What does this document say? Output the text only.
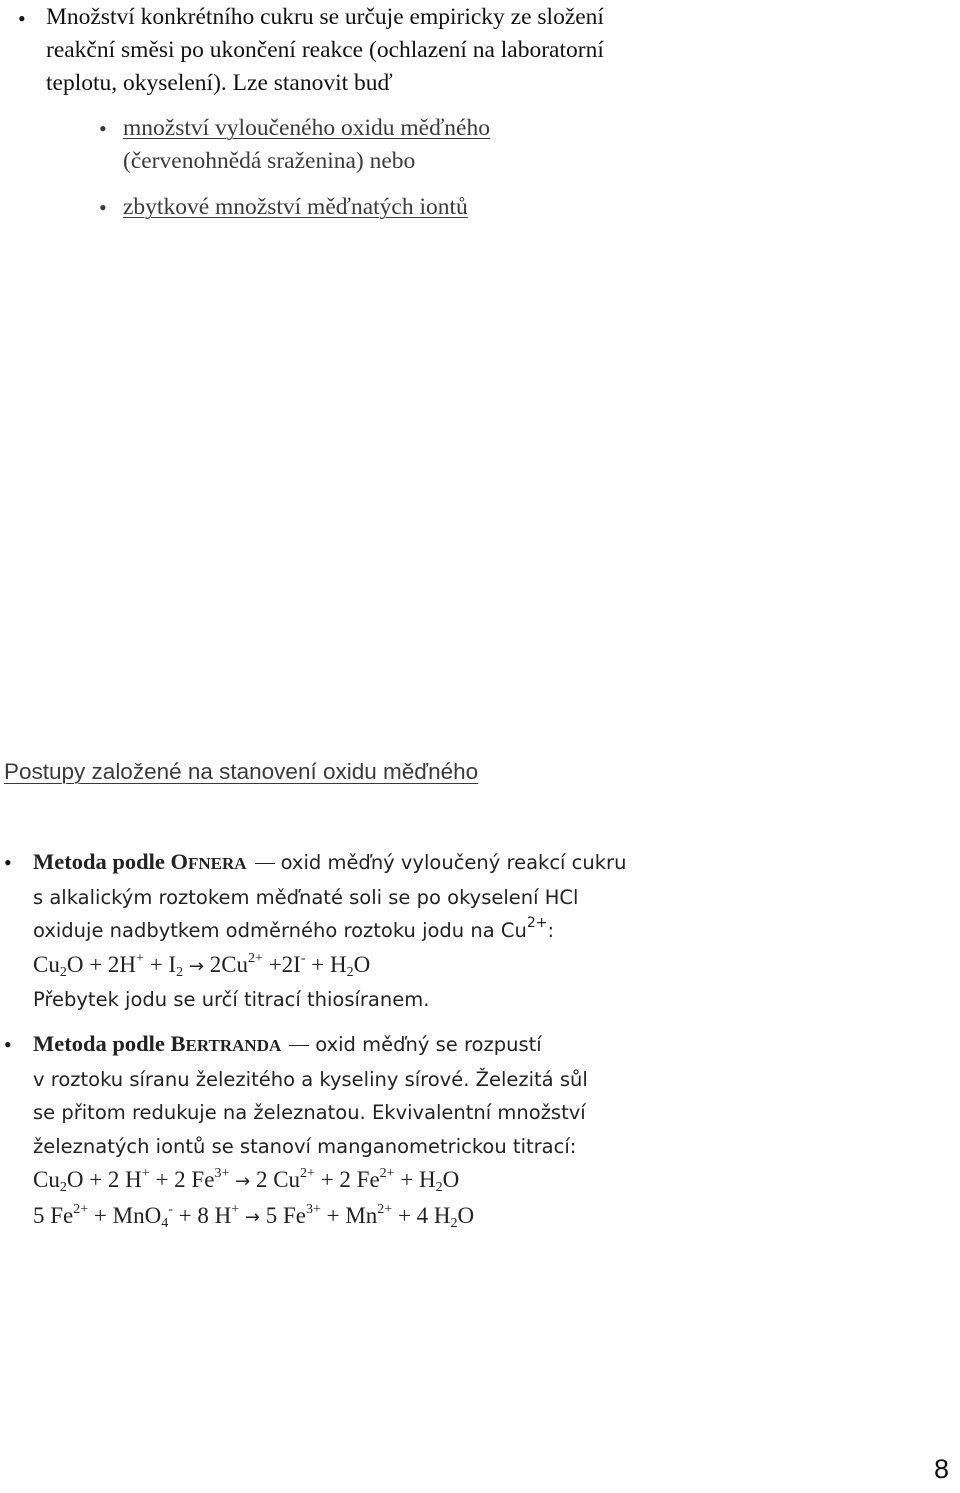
• Množství konkrétního cukru se určuje empiricky ze složení
reakční směsi po ukončení reakce (ochlazení na laboratorní
teplotu, okyselení). Lze stanovit buď
• množství vyloučeného oxidu měďného
(červenohnědá sraženina) nebo
• zbytkové množství měďnatých iontů
Postupy založené na stanovení oxidu měďného
• Metoda podle OFNERA oxid měďný vyloučený reakcí cukru
s alkalickým roztokem měďnaté soli se po okyselení HCl
oxiduje nadbytkem odměrného roztoku jodu na $Cu^{2+}$:
$Cu_2O + 2H^+ + I_2 \to 2Cu^{2+} +2I^- + H_2O$
Přebytek jodu se určí titrací thiosíranem.
• Metoda podle BERTRANDA oxid měďný se rozpustí
v roztoku síranu železitého a kyseliny sírové. Železitá sůl
se přitom redukuje na železnatou. Ekvivalentní množství
železnatých iontů se stanoví manganometrickou titrací:
$Cu_2O + 2$ H+ + 2 $Fe^{3+} \to 2$ $Cu^{2+} + 2$ $Fe^{2+} + H_2O$
5 $Fe^{2+} + MnO_4^- + 8$ H+ → 5 $Fe^{3+} + Mn^{2+} + 4$ $H_2O$
8
